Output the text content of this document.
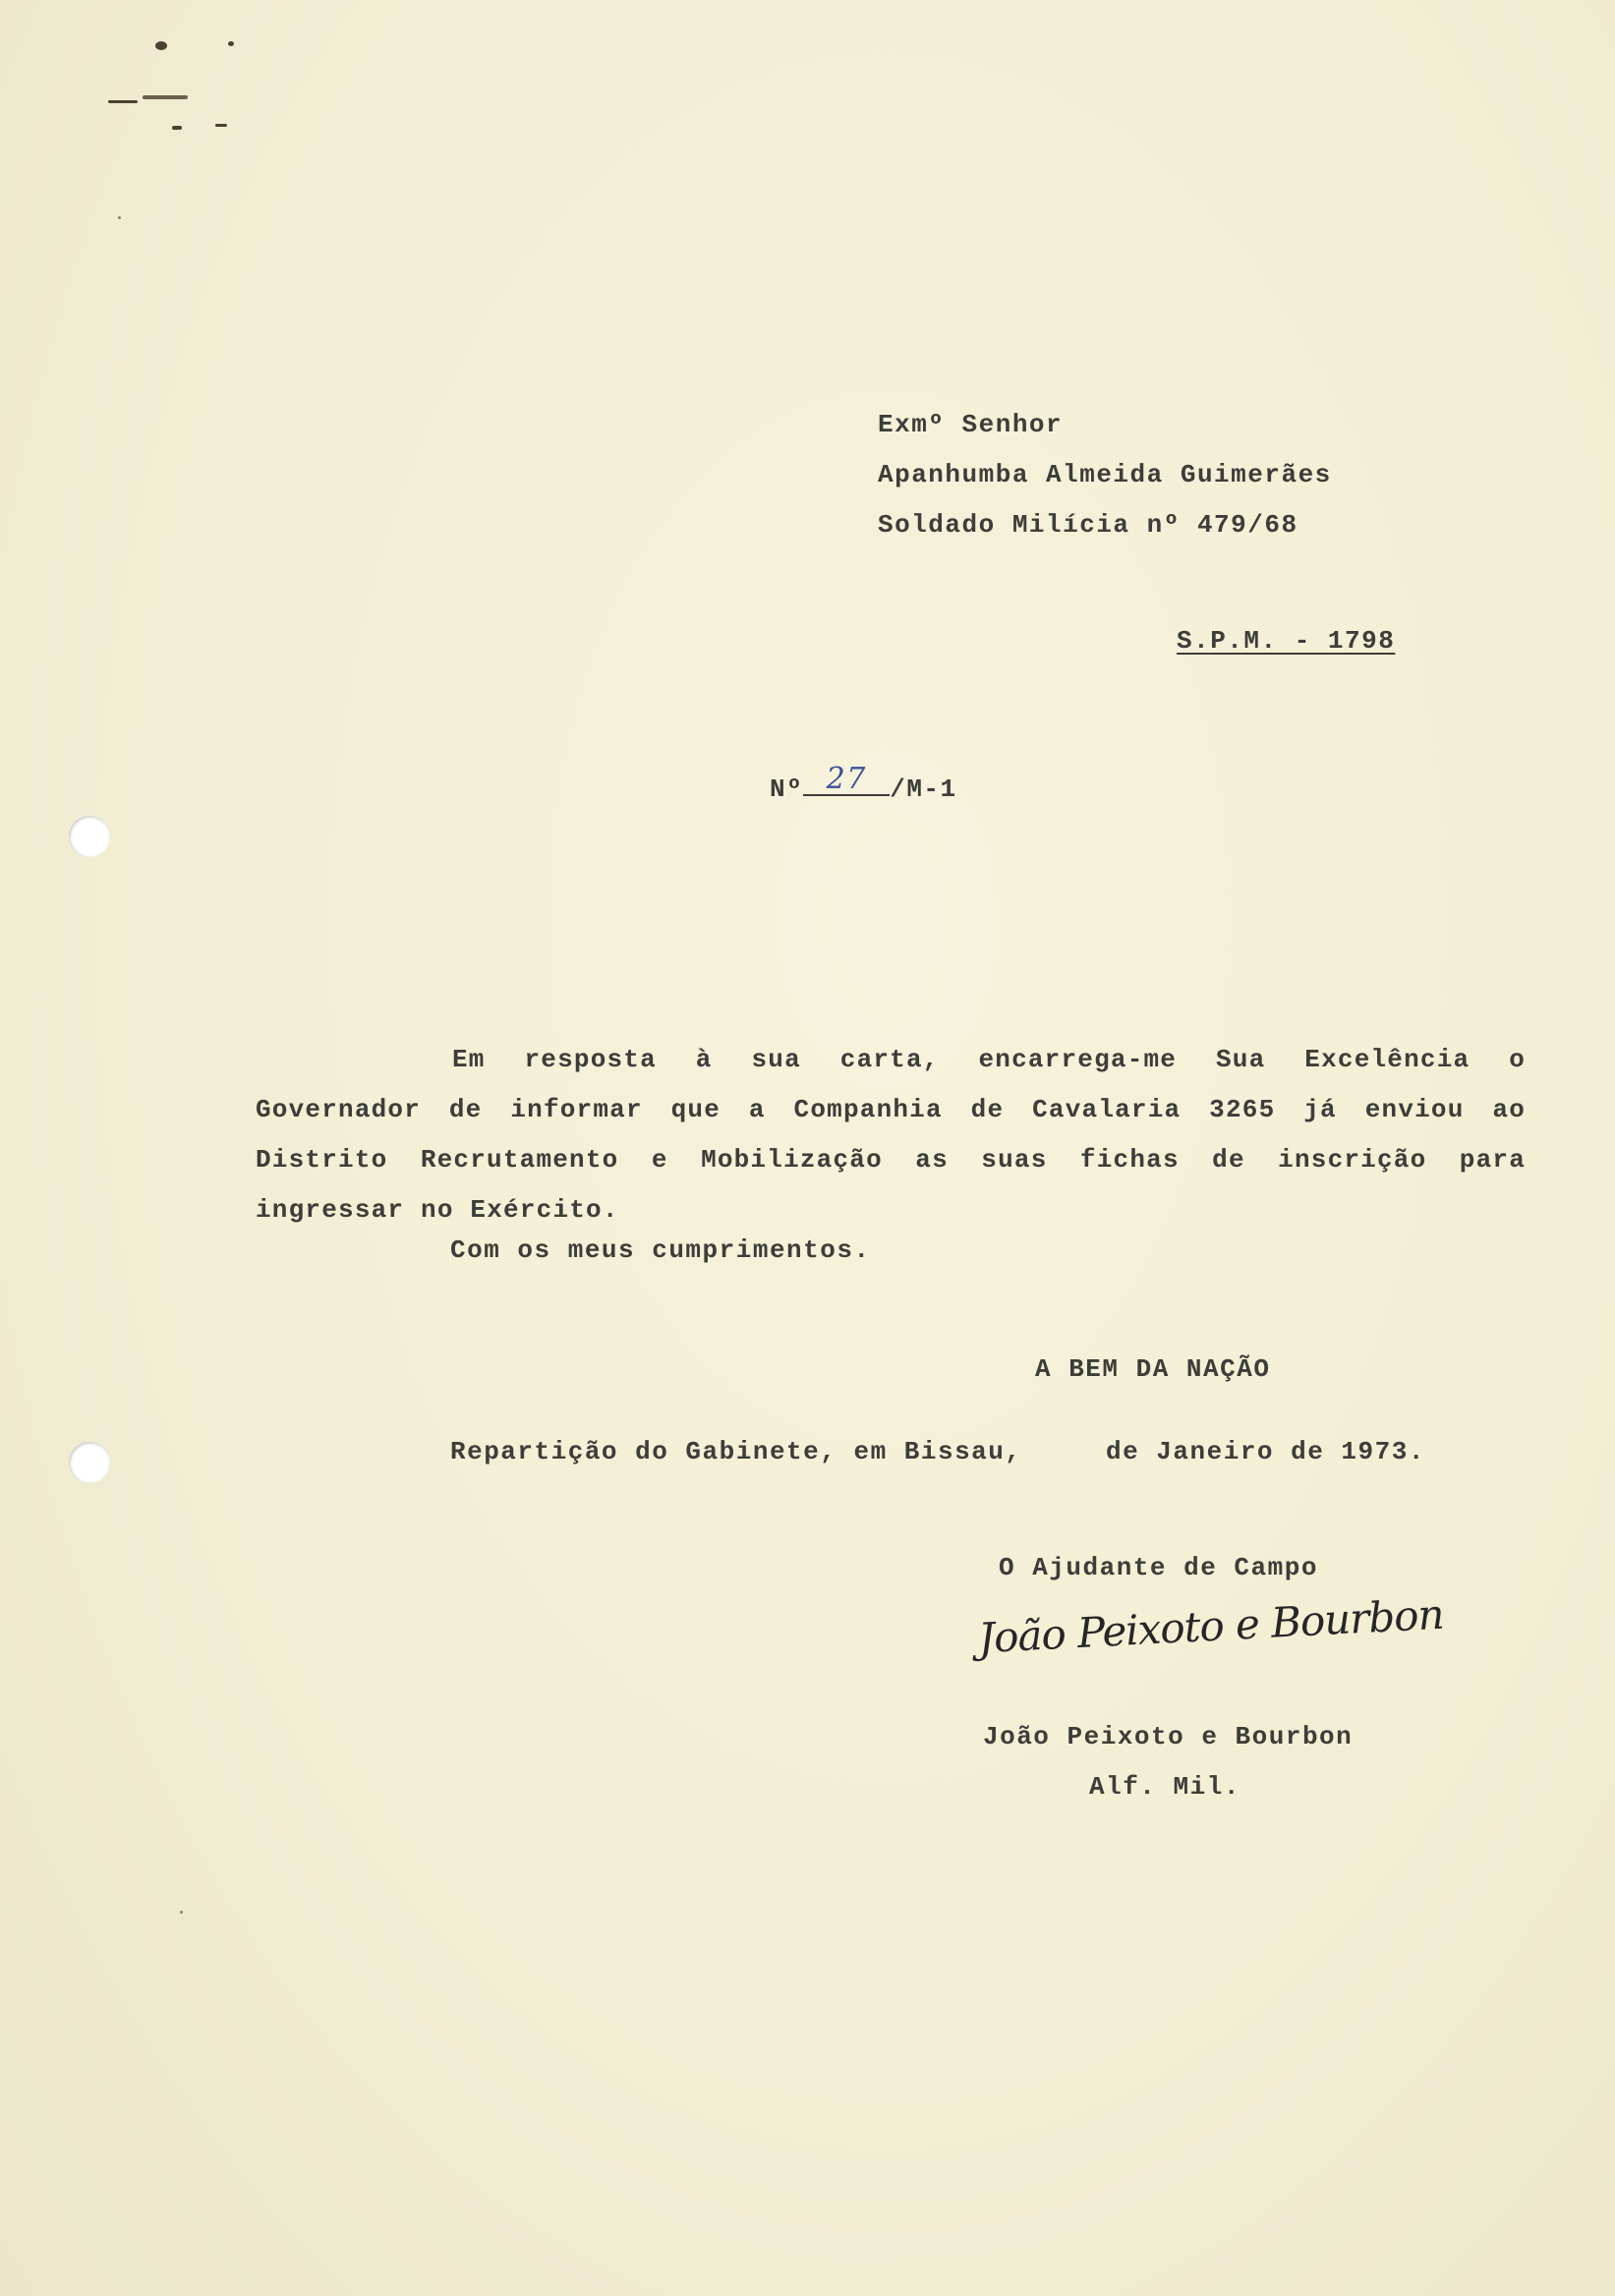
Exmº Senhor
Apanhumba Almeida Guimerães
Soldado Milícia nº 479/68
S.P.M. - 1798
Nº 27 /M-1
Em resposta à sua carta, encarrega-me Sua Excelência o Governador de informar que a Companhia de Cavalaria 3265 já enviou ao Distrito Recrutamento e Mobilização as suas fichas de inscrição para ingressar no Exército.
Com os meus cumprimentos.
A BEM DA NAÇÃO
Repartição do Gabinete, em Bissau,     de Janeiro de 1973.
O Ajudante de Campo
João Peixoto e Bourbon
João Peixoto e Bourbon
Alf. Mil.
